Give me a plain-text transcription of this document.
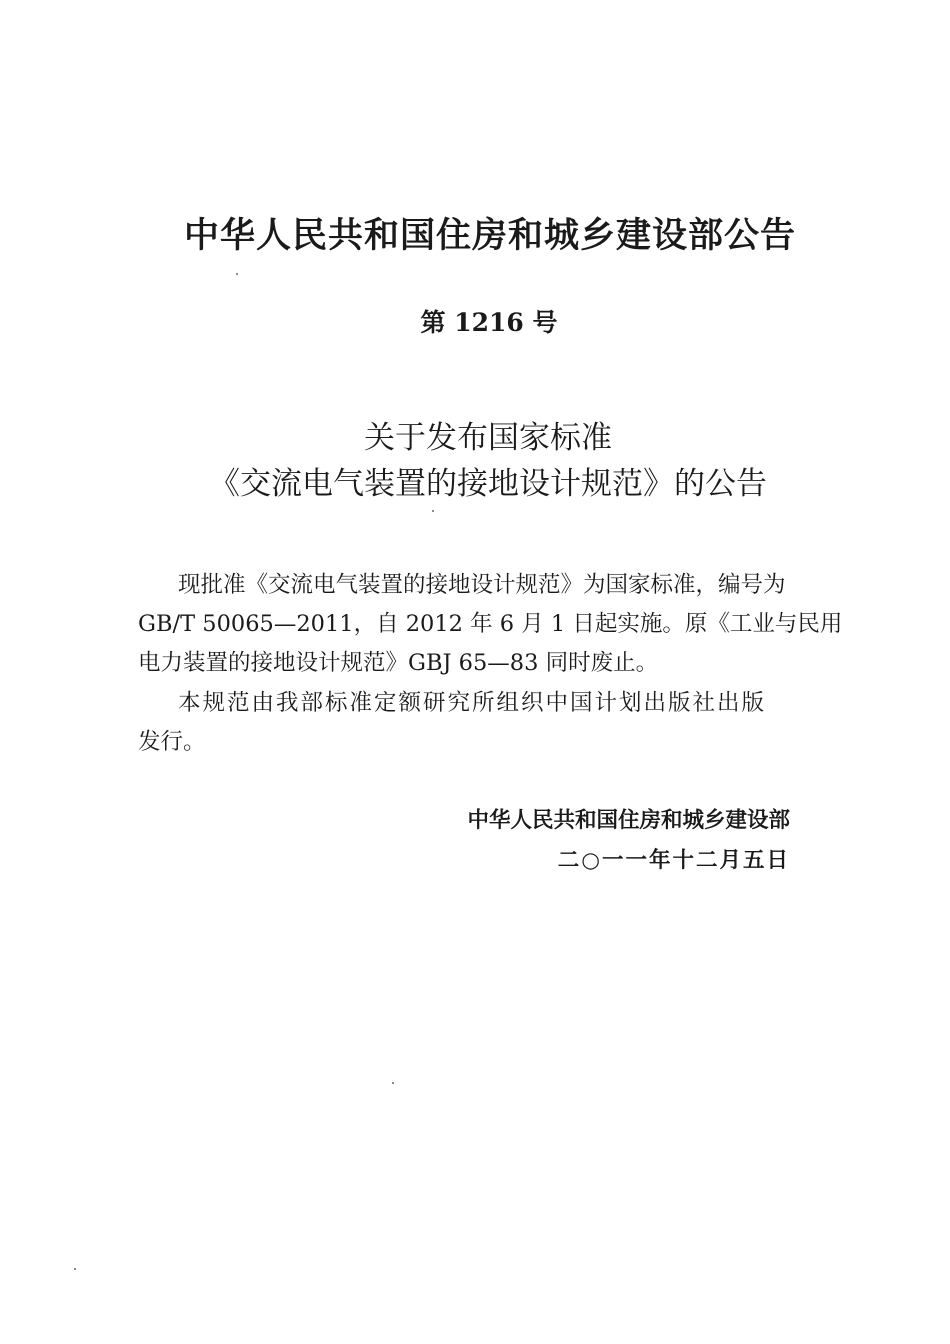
中华人民共和国住房和城乡建设部公告
第 1216 号
关于发布国家标准
《交流电气装置的接地设计规范》的公告
现批准《交流电气装置的接地设计规范》为国家标准，编号为
GB/T 50065—2011，自 2012 年 6 月 1 日起实施。原《工业与民用
电力装置的接地设计规范》GBJ 65—83 同时废止。
本规范由我部标准定额研究所组织中国计划出版社出版
发行。
中华人民共和国住房和城乡建设部
二○一一年十二月五日
